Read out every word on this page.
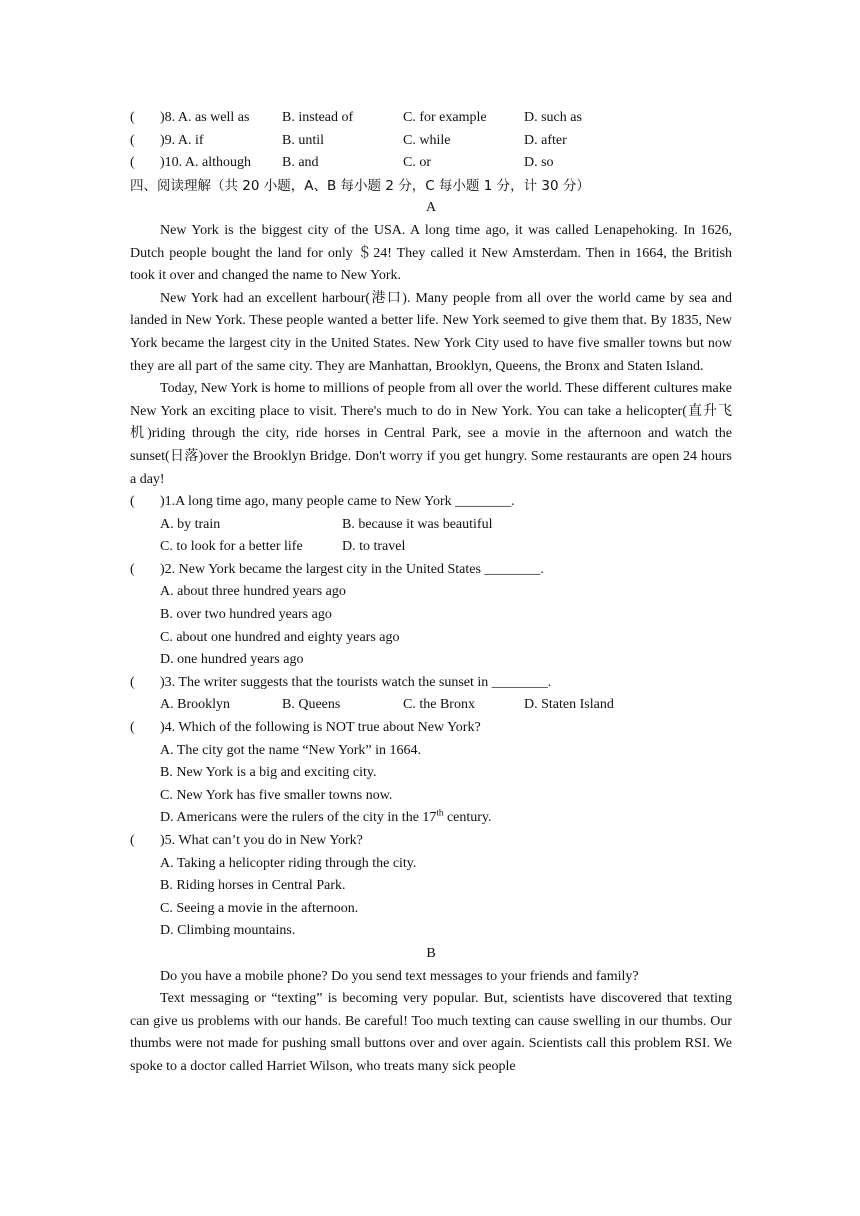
( )8. A. as well as B. instead of	C. for example	D. such as
( )9. A. if	B. until	C. while	D. after
( )10. A. although B. and	C. or	D. so
四、阅读理解（共 20 小题，A、B 每小题 2 分，C 每小题 1 分，计 30 分）
A

New York is the biggest city of the USA. A long time ago, it was called Lenapehoking. In 1626, Dutch people bought the land for only ＄24! They called it New Amsterdam. Then in 1664, the British took it over and changed the name to New York.

New York had an excellent harbour(港口). Many people from all over the world came by sea and landed in New York. These people wanted a better life. New York seemed to give them that. By 1835, New York became the largest city in the United States. New York City used to have five smaller towns but now they are all part of the same city. They are Manhattan, Brooklyn, Queens, the Bronx and Staten Island.

Today, New York is home to millions of people from all over the world. These different cultures make New York an exciting place to visit. There's much to do in New York. You can take a helicopter(直升飞机)riding through the city, ride horses in Central Park, see a movie in the afternoon and watch the sunset(日落)over the Brooklyn Bridge. Don't worry if you get hungry. Some restaurants are open 24 hours a day!

( )1.A long time ago, many people came to New York ________.
A. by train	B. because it was beautiful
C. to look for a better life	D. to travel
( )2. New York became the largest city in the United States ________.
A. about three hundred years ago
B. over two hundred years ago
C. about one hundred and eighty years ago
D. one hundred years ago
( )3. The writer suggests that the tourists watch the sunset in ________.
A. Brooklyn	B. Queens	C. the Bronx	D. Staten Island
( )4. Which of the following is NOT true about New York?
A. The city got the name “New York” in 1664.
B. New York is a big and exciting city.
C. New York has five smaller towns now.
D. Americans were the rulers of the city in the 17th century.
( )5. What can’t you do in New York?
A. Taking a helicopter riding through the city.
B. Riding horses in Central Park.
C. Seeing a movie in the afternoon.
D. Climbing mountains.
B

Do you have a mobile phone? Do you send text messages to your friends and family?

Text messaging or “texting” is becoming very popular. But, scientists have discovered that texting can give us problems with our hands. Be careful! Too much texting can cause swelling in our thumbs. Our thumbs were not made for pushing small buttons over and over again. Scientists call this problem RSI. We spoke to a doctor called Harriet Wilson, who treats many sick people
